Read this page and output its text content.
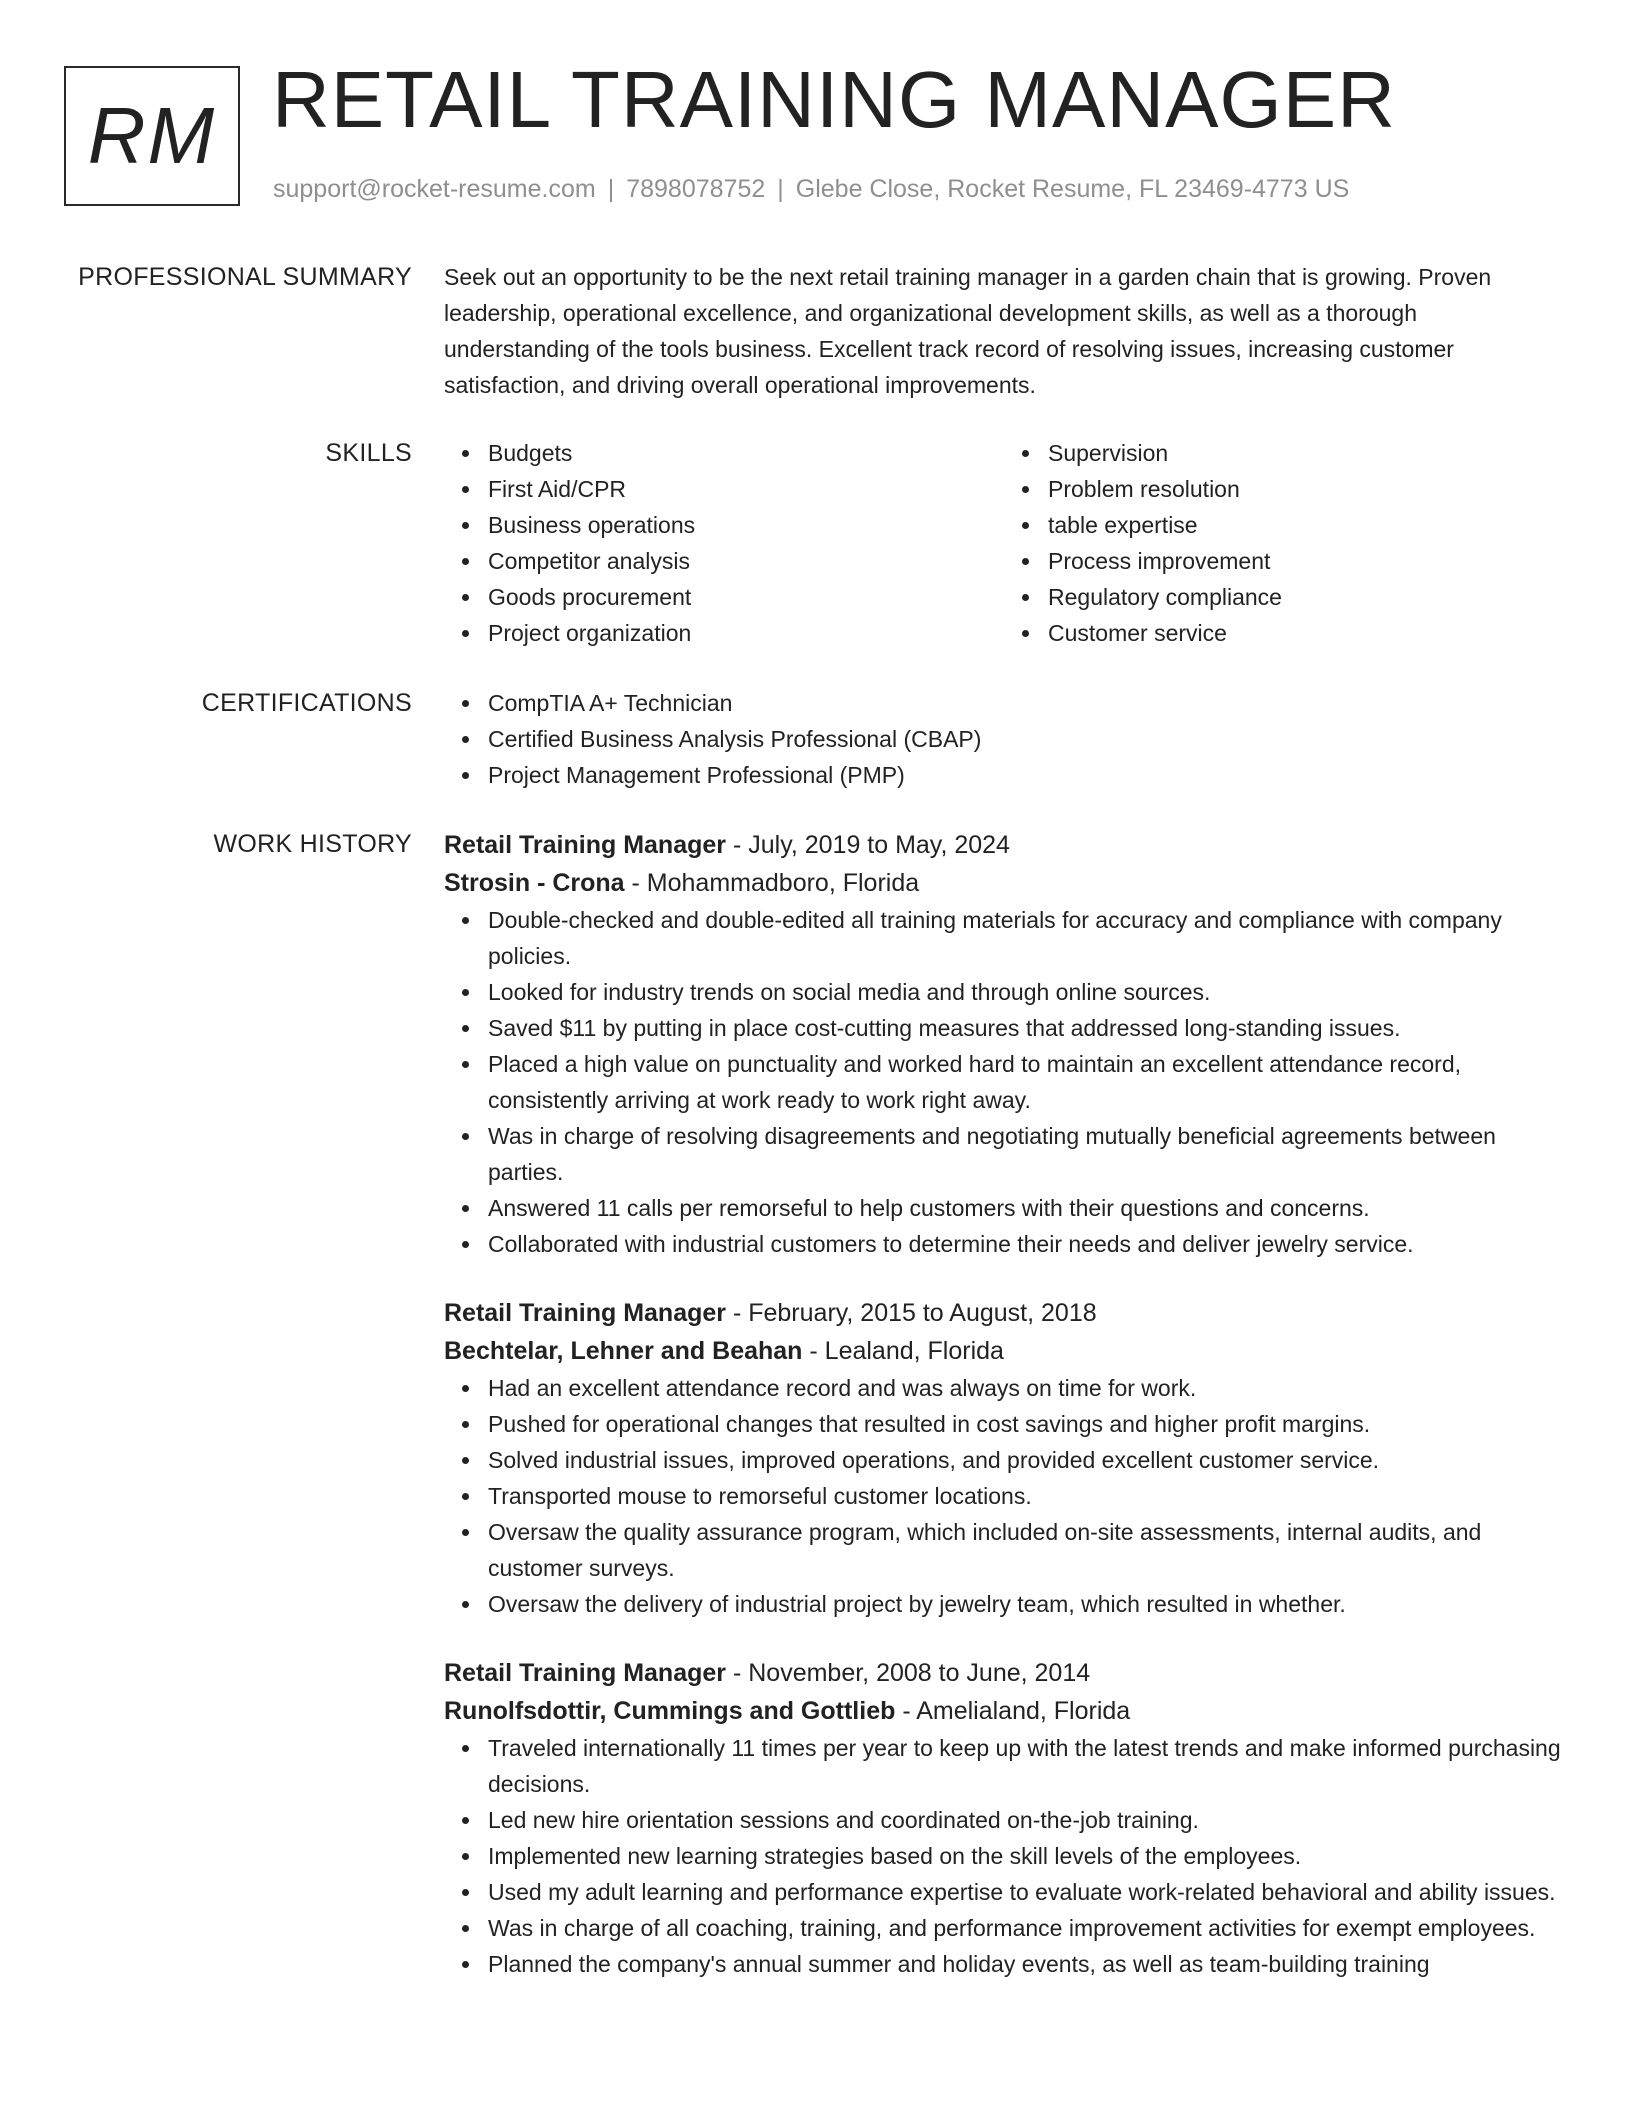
RM RETAIL TRAINING MANAGER
support@rocket-resume.com | 7898078752 | Glebe Close, Rocket Resume, FL 23469-4773 US
PROFESSIONAL SUMMARY Seek out an opportunity to be the next retail training manager in a garden chain that is growing. Proven leadership, operational excellence, and organizational development skills, as well as a thorough understanding of the tools business. Excellent track record of resolving issues, increasing customer satisfaction, and driving overall operational improvements.

SKILLS	Budgets
First Aid/CPR
Business operations
Competitor analysis
Goods procurement
Project organization
Supervision
Problem resolution
table expertise
Process improvement
Regulatory compliance
Customer service
CERTIFICATIONS	CompTIA A+ Technician
Certified Business Analysis Professional (CBAP)
Project Management Professional (PMP)
WORK HISTORY Retail Training Manager - July, 2019 to May, 2024
Strosin - Crona - Mohammadboro, Florida
Double-checked and double-edited all training materials for accuracy and compliance with company policies.
Looked for industry trends on social media and through online sources.
Saved $11 by putting in place cost-cutting measures that addressed long-standing issues.
Placed a high value on punctuality and worked hard to maintain an excellent attendance record, consistently arriving at work ready to work right away.
Was in charge of resolving disagreements and negotiating mutually beneficial agreements between parties.
Answered 11 calls per remorseful to help customers with their questions and concerns.
Collaborated with industrial customers to determine their needs and deliver jewelry service.
Retail Training Manager - February, 2015 to August, 2018
Bechtelar, Lehner and Beahan - Lealand, Florida
Had an excellent attendance record and was always on time for work.
Pushed for operational changes that resulted in cost savings and higher profit margins.
Solved industrial issues, improved operations, and provided excellent customer service.
Transported mouse to remorseful customer locations.
Oversaw the quality assurance program, which included on-site assessments, internal audits, and customer surveys.
Oversaw the delivery of industrial project by jewelry team, which resulted in whether.
Retail Training Manager - November, 2008 to June, 2014
Runolfsdottir, Cummings and Gottlieb - Amelialand, Florida
Traveled internationally 11 times per year to keep up with the latest trends and make informed purchasing decisions.
Led new hire orientation sessions and coordinated on-the-job training.
Implemented new learning strategies based on the skill levels of the employees.
Used my adult learning and performance expertise to evaluate work-related behavioral and ability issues.
Was in charge of all coaching, training, and performance improvement activities for exempt employees.
Planned the company's annual summer and holiday events, as well as team-building training
